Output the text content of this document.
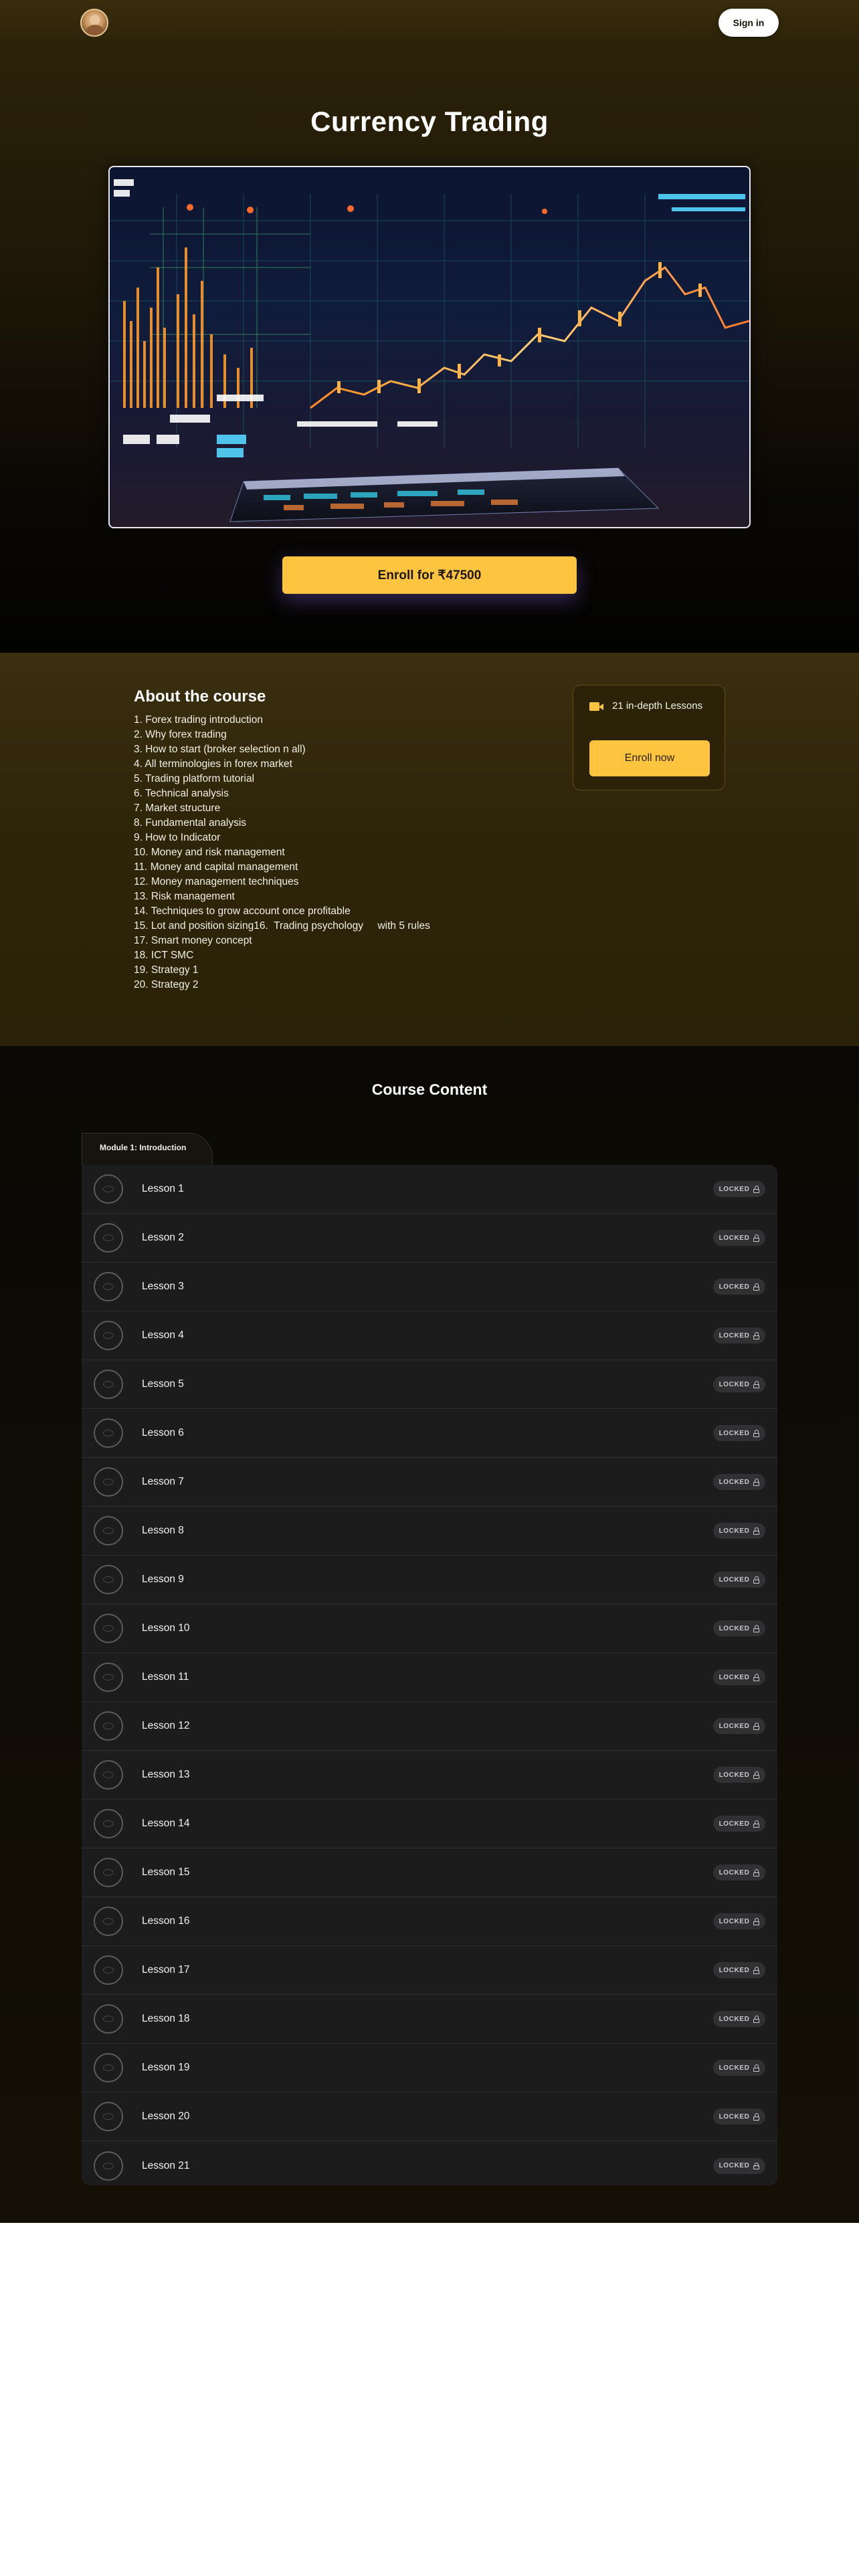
Sign in
Currency Trading
Enroll for ₹47500
About the course
1. Forex trading introduction
2. Why forex trading
3. How to start (broker selection n all)
4. All terminologies in forex market
5. Trading platform tutorial
6. Technical analysis
7. Market structure
8. Fundamental analysis
9. How to Indicator
10. Money and risk management
11. Money and capital management
12. Money management techniques
13. Risk management
14. Techniques to grow account once profitable
15. Lot and position sizing16.  Trading psychology     with 5 rules
17. Smart money concept
18. ICT SMC
19. Strategy 1
20. Strategy 2
21 in-depth Lessons
Enroll now
Course Content
Module 1: Introduction
Lesson 1	LOCKED
Lesson 2	LOCKED
Lesson 3	LOCKED
Lesson 4	LOCKED
Lesson 5	LOCKED
Lesson 6	LOCKED
Lesson 7	LOCKED
Lesson 8	LOCKED
Lesson 9	LOCKED
Lesson 10	LOCKED
Lesson 11	LOCKED
Lesson 12	LOCKED
Lesson 13	LOCKED
Lesson 14	LOCKED
Lesson 15	LOCKED
Lesson 16	LOCKED
Lesson 17	LOCKED
Lesson 18	LOCKED
Lesson 19	LOCKED
Lesson 20	LOCKED
Lesson 21	LOCKED
